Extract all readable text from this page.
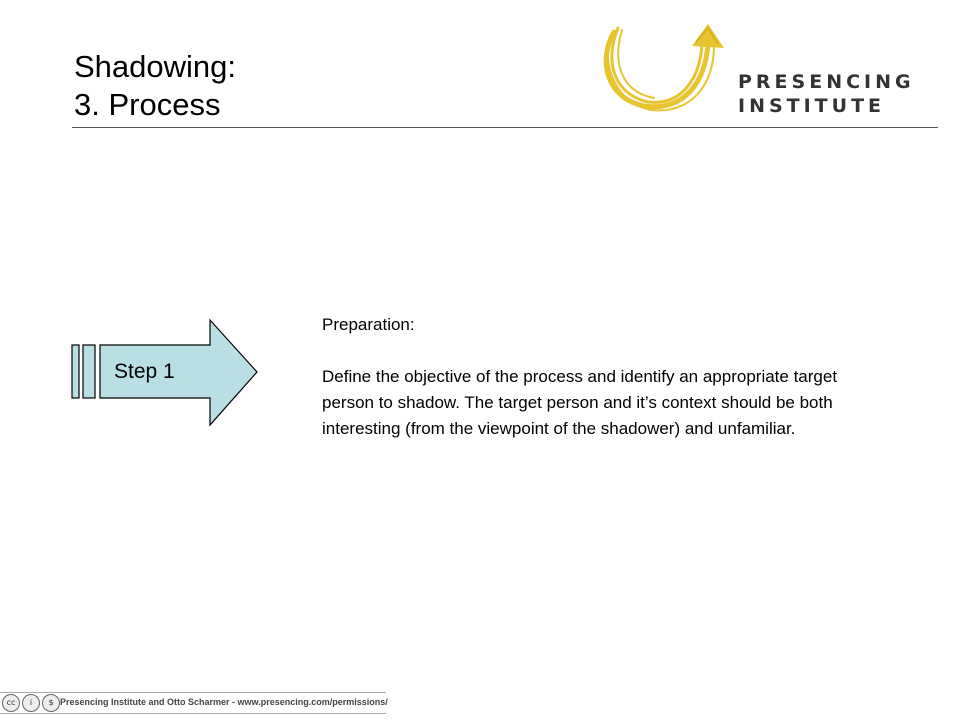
Shadowing:
3. Process
PRESENCING
INSTITUTE
Step 1

Preparation:

Define the objective of the process and identify an appropriate target person to shadow. The target person and it’s context should be both interesting (from the viewpoint of the shadower) and unfamiliar.

cc	i	$ Presencing Institute and Otto Scharmer - www.presencing.com/permissions/
